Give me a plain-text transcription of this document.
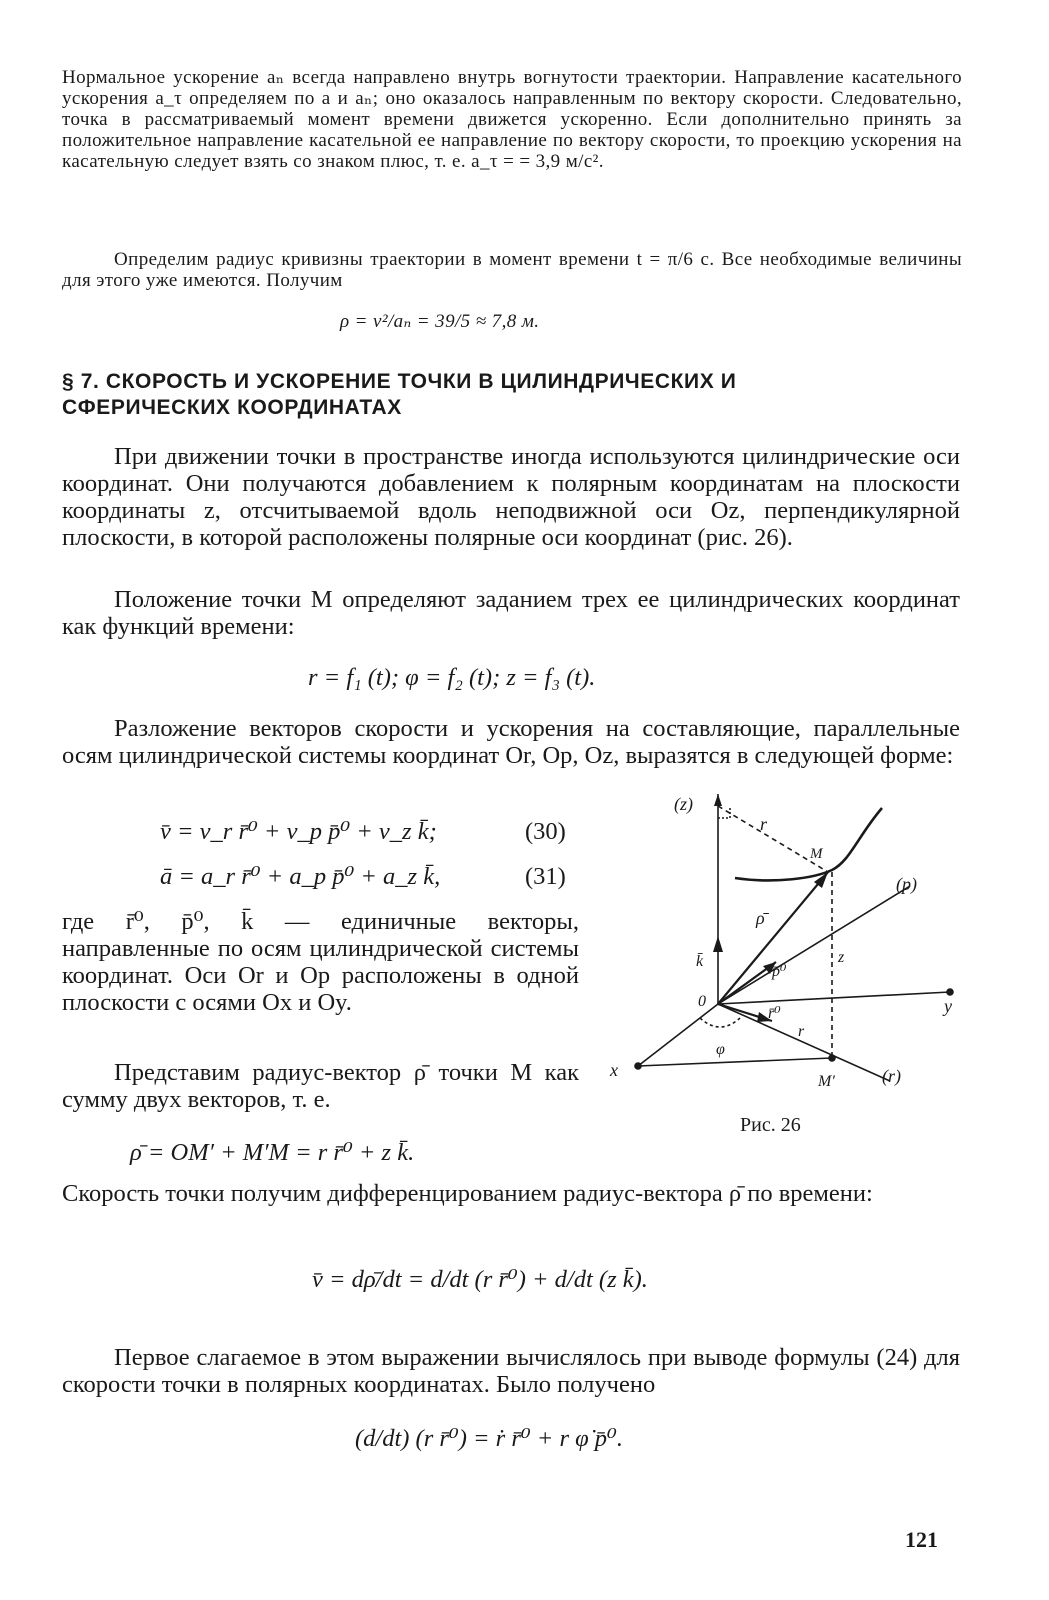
Нормальное ускорение aₙ всегда направлено внутрь вогнутости траектории. Направление касательного ускорения a_τ определяем по a и aₙ; оно оказалось направленным по вектору скорости. Следовательно, точка в рассматриваемый момент времени движется ускоренно. Если дополнительно принять за положительное направление касательной ее направление по вектору скорости, то проекцию ускорения на касательную следует взять со знаком плюс, т. е. a_τ = = 3,9 м/с².

Определим радиус кривизны траектории в момент времени t = π/6 с. Все необходимые величины для этого уже имеются. Получим

ρ = v²/aₙ = 39/5 ≈ 7,8 м.

§ 7. СКОРОСТЬ И УСКОРЕНИЕ ТОЧКИ В ЦИЛИНДРИЧЕСКИХ И СФЕРИЧЕСКИХ КООРДИНАТАХ

При движении точки в пространстве иногда используются цилиндрические оси координат. Они получаются добавлением к полярным координатам на плоскости координаты z, отсчитываемой вдоль неподвижной оси Oz, перпендикулярной плоскости, в которой расположены полярные оси координат (рис. 26).

Положение точки M определяют заданием трех ее цилиндрических координат как функций времени:

r = f₁ (t); φ = f₂ (t); z = f₃ (t).

Разложение векторов скорости и ускорения на составляющие, параллельные осям цилиндрической системы координат Or, Op, Oz, выразятся в следующей форме:

v̄ = v_r r̄⁰ + v_p p̄⁰ + v_z k̄;	(30)

ā = a_r r̄⁰ + a_p p̄⁰ + a_z k̄,	(31)

где r̄⁰, p̄⁰, k̄ — единичные векторы, направленные по осям цилиндрической системы координат. Оси Or и Op расположены в одной плоскости с осями Ox и Oy.

Представим радиус-вектор ρ̄ точки M как сумму двух векторов, т. е.

ρ̄ = OM′ + M′M = r r̄⁰ + z k̄.

Скорость точки получим дифференцированием радиус-вектора ρ̄ по времени:

v̄ = dρ̄/dt = d/dt (r r̄⁰) + d/dt (z k̄).

Первое слагаемое в этом выражении вычислялось при выводе формулы (24) для скорости точки в полярных координатах. Было получено

(d/dt) (r r̄⁰) = ṙ r̄⁰ + r φ̇ p̄⁰.

(z)
r
M
(p)
ρ̄
k̄	z
p̄⁰
0
r̄⁰	y
r
φ
x
M′	(r)

Рис. 26

121
